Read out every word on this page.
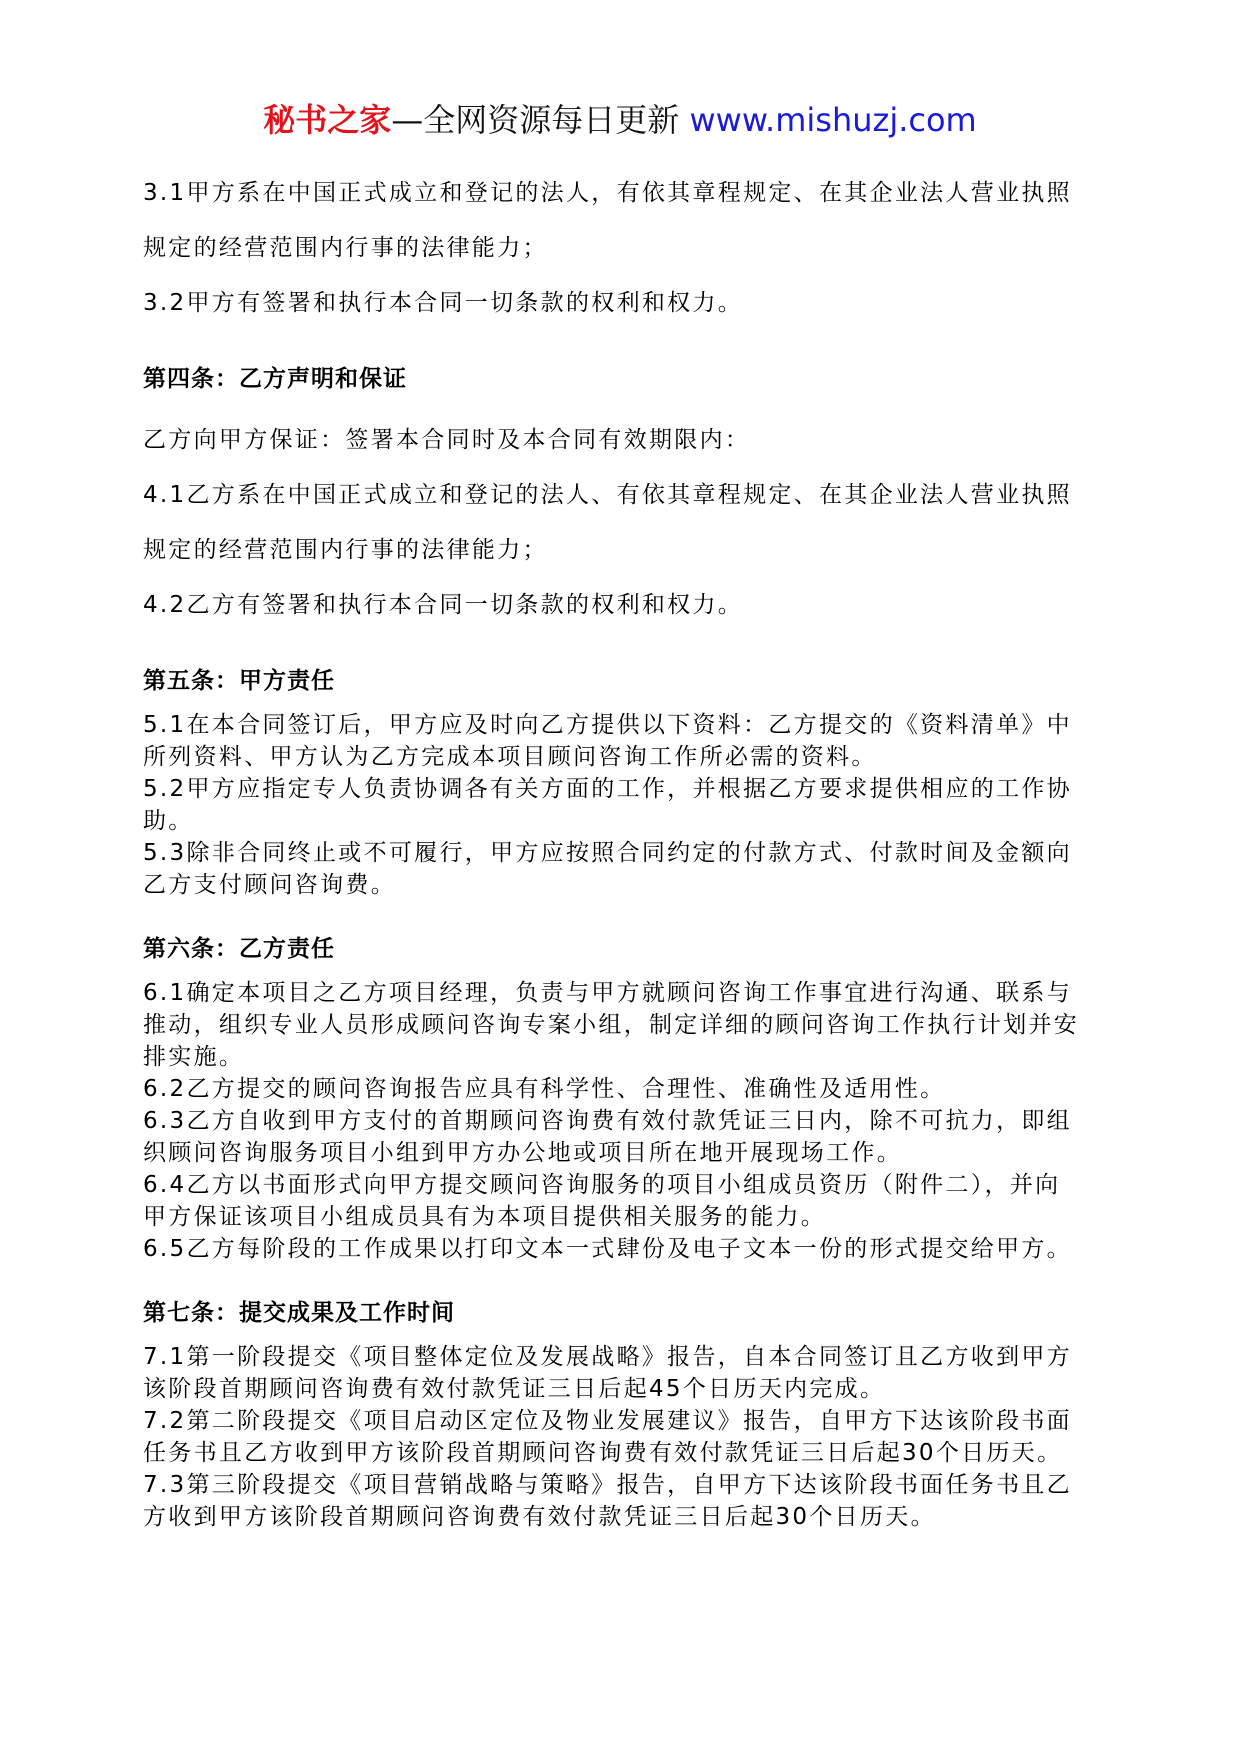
秘书之家—全网资源每日更新 www.mishuzj.com

3.1甲方系在中国正式成立和登记的法人，有依其章程规定、在其企业法人营业执照

规定的经营范围内行事的法律能力；

3.2甲方有签署和执行本合同一切条款的权利和权力。

第四条：乙方声明和保证

乙方向甲方保证：签署本合同时及本合同有效期限内：

4.1乙方系在中国正式成立和登记的法人、有依其章程规定、在其企业法人营业执照

规定的经营范围内行事的法律能力；

4.2乙方有签署和执行本合同一切条款的权利和权力。

第五条：甲方责任

5.1在本合同签订后，甲方应及时向乙方提供以下资料：乙方提交的《资料清单》中

所列资料、甲方认为乙方完成本项目顾问咨询工作所必需的资料。

5.2甲方应指定专人负责协调各有关方面的工作，并根据乙方要求提供相应的工作协

助。

5.3除非合同终止或不可履行，甲方应按照合同约定的付款方式、付款时间及金额向

乙方支付顾问咨询费。

第六条：乙方责任

6.1确定本项目之乙方项目经理，负责与甲方就顾问咨询工作事宜进行沟通、联系与

推动，组织专业人员形成顾问咨询专案小组，制定详细的顾问咨询工作执行计划并安

排实施。

6.2乙方提交的顾问咨询报告应具有科学性、合理性、准确性及适用性。

6.3乙方自收到甲方支付的首期顾问咨询费有效付款凭证三日内，除不可抗力，即组

织顾问咨询服务项目小组到甲方办公地或项目所在地开展现场工作。

6.4乙方以书面形式向甲方提交顾问咨询服务的项目小组成员资历（附件二），并向

甲方保证该项目小组成员具有为本项目提供相关服务的能力。

6.5乙方每阶段的工作成果以打印文本一式肆份及电子文本一份的形式提交给甲方。

第七条：提交成果及工作时间

7.1第一阶段提交《项目整体定位及发展战略》报告，自本合同签订且乙方收到甲方

该阶段首期顾问咨询费有效付款凭证三日后起45个日历天内完成。

7.2第二阶段提交《项目启动区定位及物业发展建议》报告，自甲方下达该阶段书面

任务书且乙方收到甲方该阶段首期顾问咨询费有效付款凭证三日后起30个日历天。

7.3第三阶段提交《项目营销战略与策略》报告，自甲方下达该阶段书面任务书且乙

方收到甲方该阶段首期顾问咨询费有效付款凭证三日后起30个日历天。
